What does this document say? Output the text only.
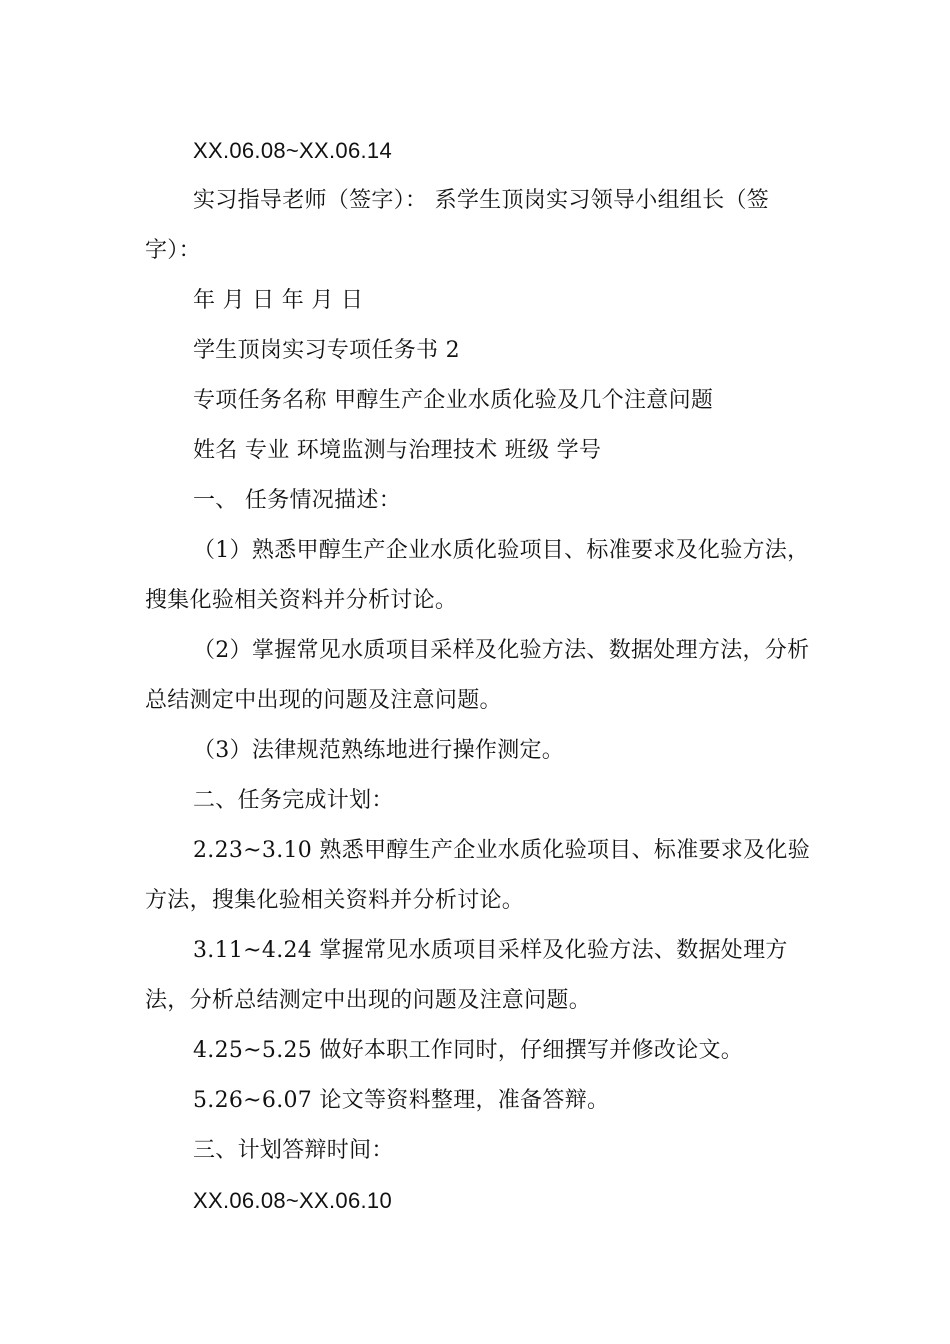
XX.06.08~XX.06.14

实习指导老师（签字）： 系学生顶岗实习领导小组组长（签字）：

年 月 日 年 月 日

学生顶岗实习专项任务书 2

专项任务名称 甲醇生产企业水质化验及几个注意问题

姓名 专业 环境监测与治理技术 班级 学号

一、 任务情况描述：

（1）熟悉甲醇生产企业水质化验项目、标准要求及化验方法，搜集化验相关资料并分析讨论。

（2）掌握常见水质项目采样及化验方法、数据处理方法，分析总结测定中出现的问题及注意问题。

（3）法律规范熟练地进行操作测定。

二、任务完成计划：

2.23~3.10 熟悉甲醇生产企业水质化验项目、标准要求及化验方法，搜集化验相关资料并分析讨论。

3.11~4.24 掌握常见水质项目采样及化验方法、数据处理方法，分析总结测定中出现的问题及注意问题。

4.25~5.25 做好本职工作同时，仔细撰写并修改论文。

5.26~6.07 论文等资料整理，准备答辩。

三、计划答辩时间：

XX.06.08~XX.06.10
